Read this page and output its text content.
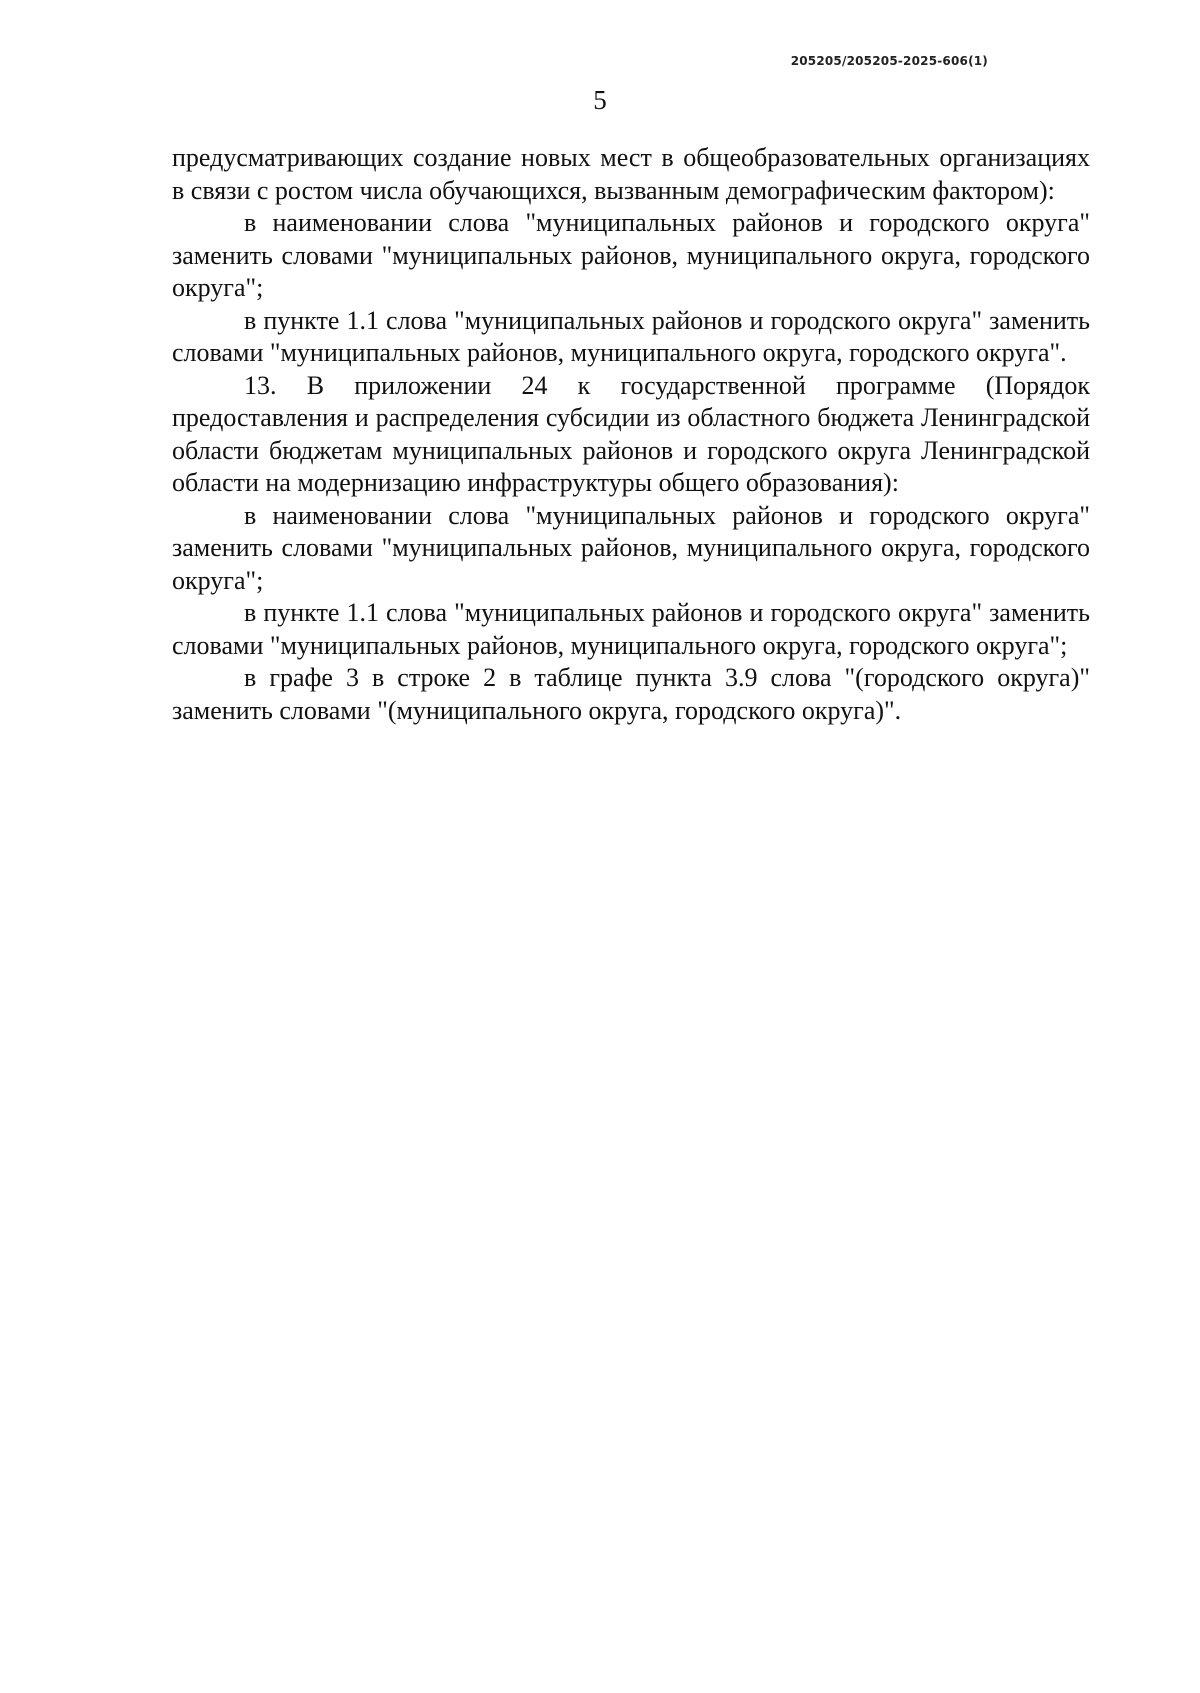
205205/205205-2025-606(1)
5

предусматривающих создание новых мест в общеобразовательных организациях в связи с ростом числа обучающихся, вызванным демографическим фактором):

в наименовании слова "муниципальных районов и городского округа" заменить словами "муниципальных районов, муниципального округа, городского округа";

в пункте 1.1 слова "муниципальных районов и городского округа" заменить словами "муниципальных районов, муниципального округа, городского округа".

13. В приложении 24 к государственной программе (Порядок предоставления и распределения субсидии из областного бюджета Ленинградской области бюджетам муниципальных районов и городского округа Ленинградской области на модернизацию инфраструктуры общего образования):

в наименовании слова "муниципальных районов и городского округа" заменить словами "муниципальных районов, муниципального округа, городского округа";

в пункте 1.1 слова "муниципальных районов и городского округа" заменить словами "муниципальных районов, муниципального округа, городского округа";

в графе 3 в строке 2 в таблице пункта 3.9 слова "(городского округа)" заменить словами "(муниципального округа, городского округа)".
